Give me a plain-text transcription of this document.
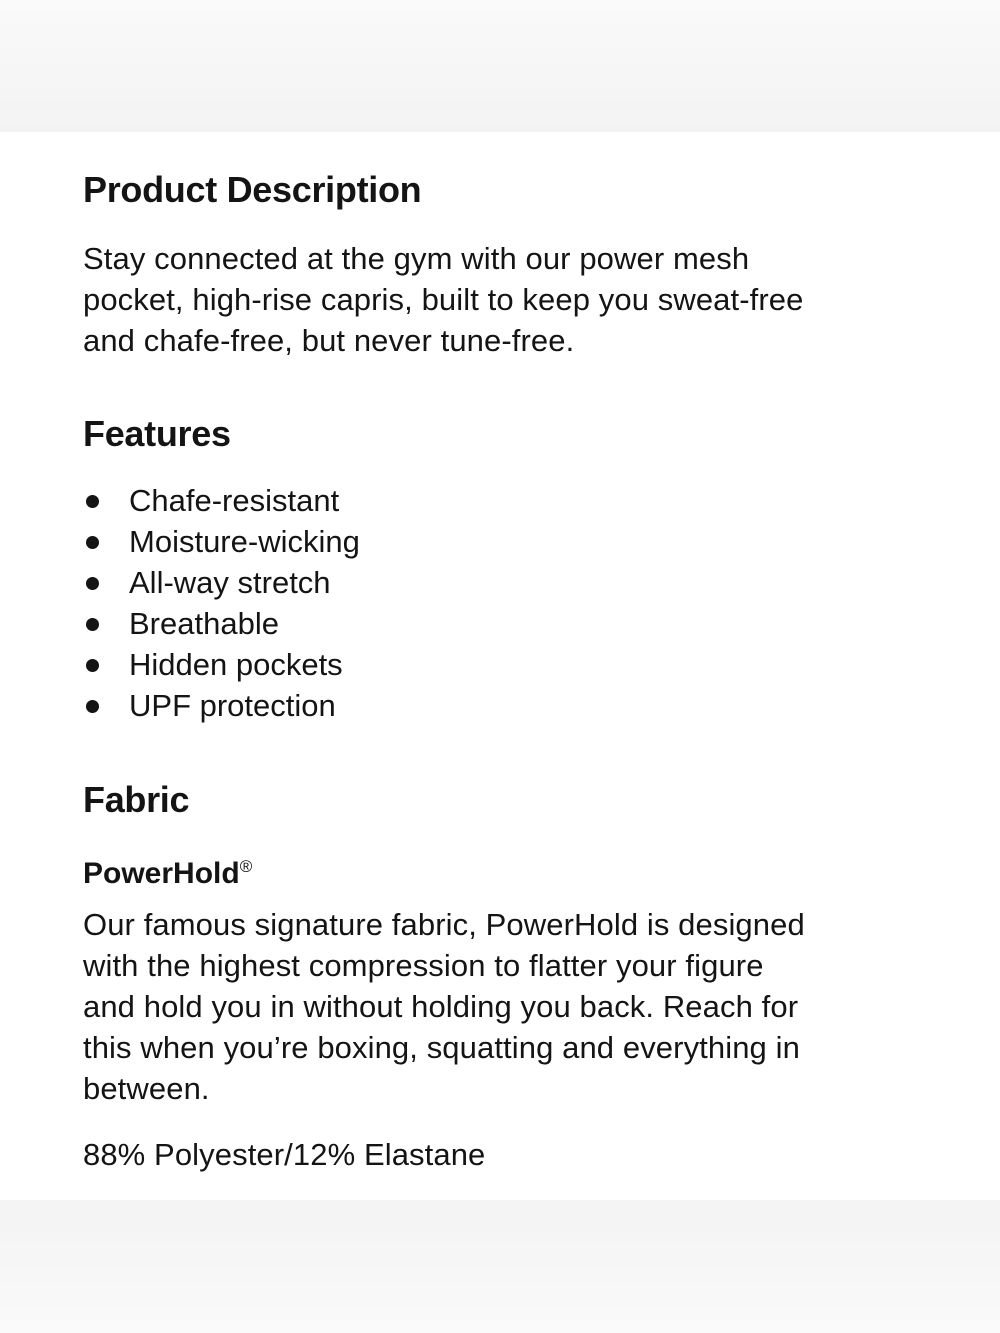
Product Description
Stay connected at the gym with our power mesh
pocket, high-rise capris, built to keep you sweat-free
and chafe-free, but never tune-free.
Features
Chafe-resistant
Moisture-wicking
All-way stretch
Breathable
Hidden pockets
UPF protection
Fabric
PowerHold®
Our famous signature fabric, PowerHold is designed
with the highest compression to flatter your figure
and hold you in without holding you back. Reach for
this when you’re boxing, squatting and everything in
between.
88% Polyester/12% Elastane
